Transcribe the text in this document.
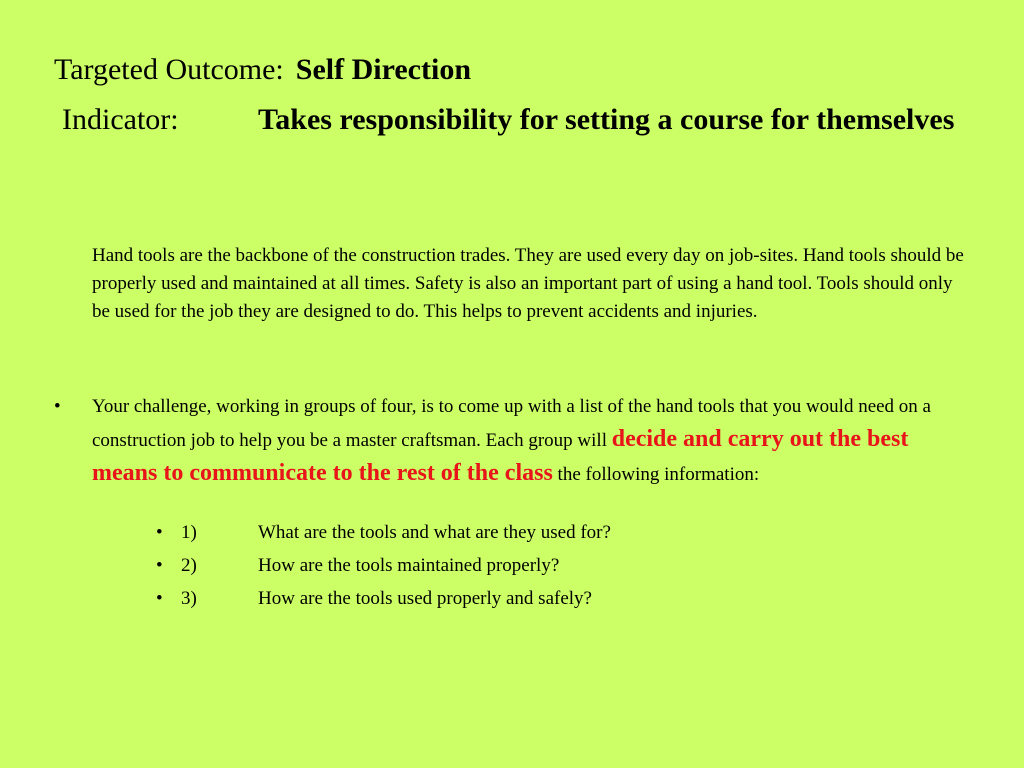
Targeted Outcome: Self Direction
Indicator:	Takes responsibility for setting a course for themselves
Hand tools are the backbone of the construction trades. They are used every day on job-sites. Hand tools should be properly used and maintained at all times. Safety is also an important part of using a hand tool. Tools should only be used for the job they are designed to do. This helps to prevent accidents and injuries.
• Your challenge, working in groups of four, is to come up with a list of the hand tools that you would need on a construction job to help you be a master craftsman. Each group will decide and carry out the best means to communicate to the rest of the class the following information:
• 1)	What are the tools and what are they used for?
• 2)	How are the tools maintained properly?
• 3)	How are the tools used properly and safely?
